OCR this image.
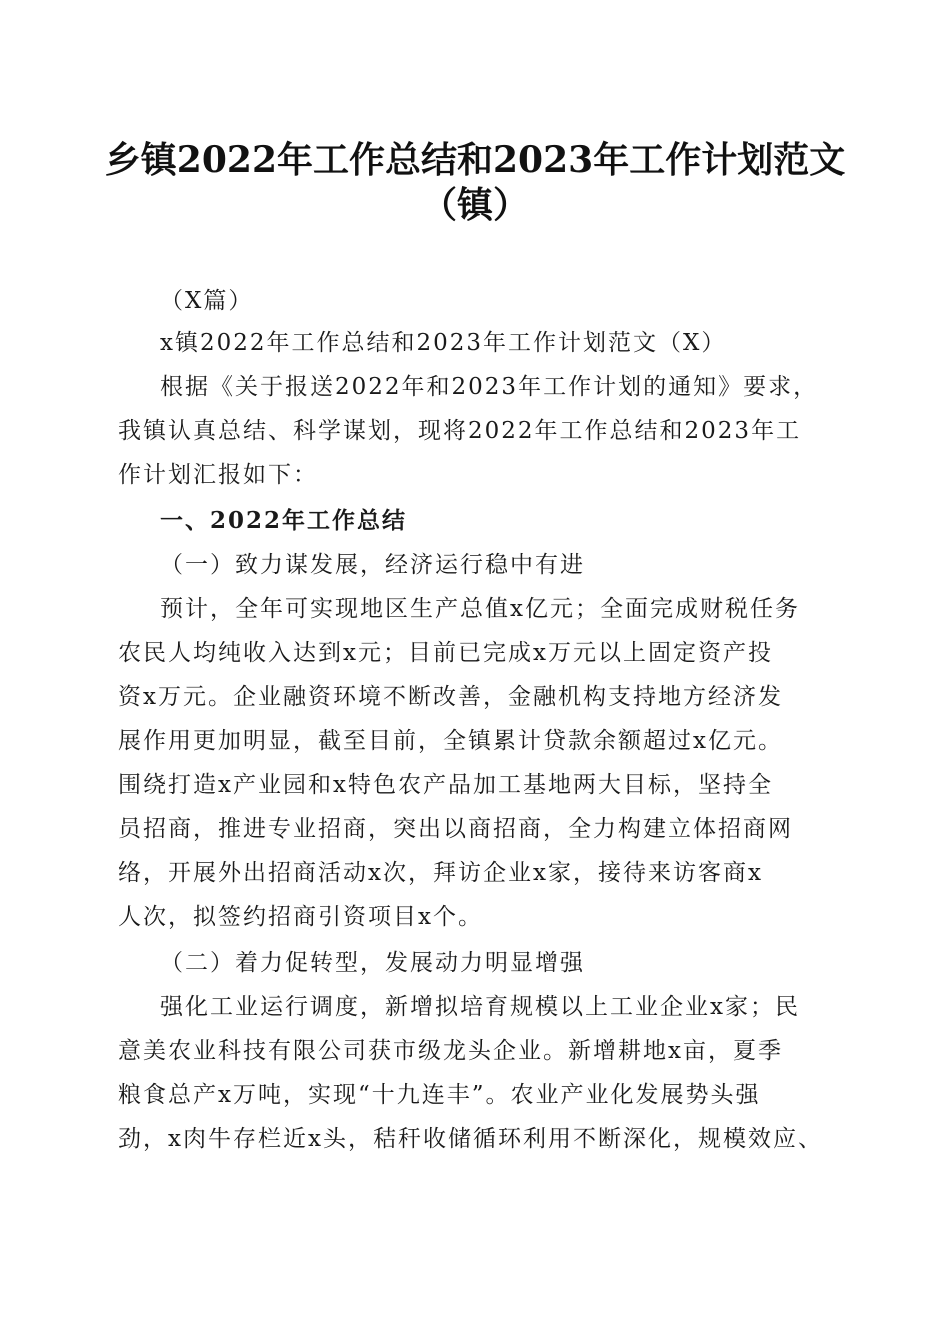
乡镇2022年工作总结和2023年工作计划范文
（镇）
（X篇）
x镇2022年工作总结和2023年工作计划范文（X）
根据《关于报送2022年和2023年工作计划的通知》要求，
我镇认真总结、科学谋划，现将2022年工作总结和2023年工
作计划汇报如下：
一、2022年工作总结
（一）致力谋发展，经济运行稳中有进
预计，全年可实现地区生产总值x亿元；全面完成财税任务
农民人均纯收入达到x元；目前已完成x万元以上固定资产投
资x万元。企业融资环境不断改善，金融机构支持地方经济发
展作用更加明显，截至目前，全镇累计贷款余额超过x亿元。
围绕打造x产业园和x特色农产品加工基地两大目标，坚持全
员招商，推进专业招商，突出以商招商，全力构建立体招商网
络，开展外出招商活动x次，拜访企业x家，接待来访客商x
人次，拟签约招商引资项目x个。
（二）着力促转型，发展动力明显增强
强化工业运行调度，新增拟培育规模以上工业企业x家；民
意美农业科技有限公司获市级龙头企业。新增耕地x亩，夏季
粮食总产x万吨，实现“十九连丰”。农业产业化发展势头强
劲，x肉牛存栏近x头，秸秆收储循环利用不断深化，规模效应、
